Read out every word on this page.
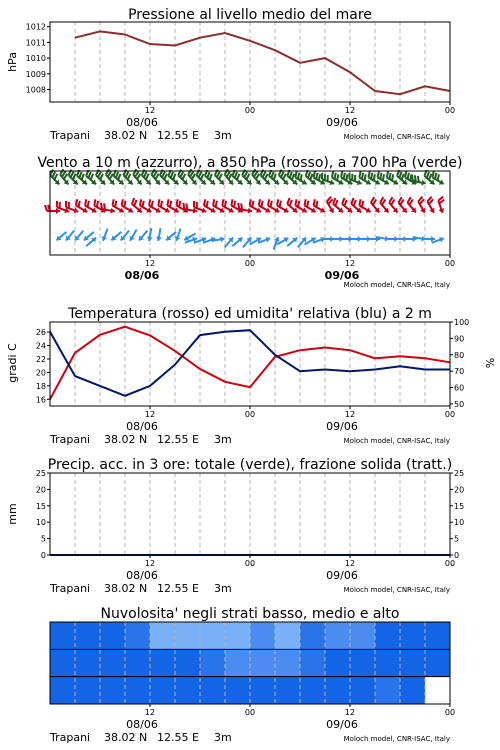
Pressione al livello medio del mare
hPa
1008
1009
1010
1011
1012
12	00	12	00
08/06	09/06
Trapani 38.02 N 12.55 E 3m	Moloch model, CNR-ISAC, Italy
Vento a 10 m (azzurro), a 850 hPa (rosso), a 700 hPa (verde)
12	00	12	00
08/06	09/06
Moloch model, CNR-ISAC, Italy
Temperatura (rosso) ed umidita' relativa (blu) a 2 m
gradi C	%
16
18
20
22
24
26
50
60
70
80
90
100
12	00	12	00
08/06	09/06
Trapani 38.02 N 12.55 E 3m	Moloch model, CNR-ISAC, Italy
Precip. acc. in 3 ore: totale (verde), frazione solida (tratt.)
mm
0
5
10
15
20
25
0
5
10
15
20
25
12	00	12	00
08/06	09/06
Trapani 38.02 N 12.55 E 3m	Moloch model, CNR-ISAC, Italy
Nuvolosita' negli strati basso, medio e alto
12	00	12	00
08/06	09/06
Trapani 38.02 N 12.55 E 3m	Moloch model, CNR-ISAC, Italy
